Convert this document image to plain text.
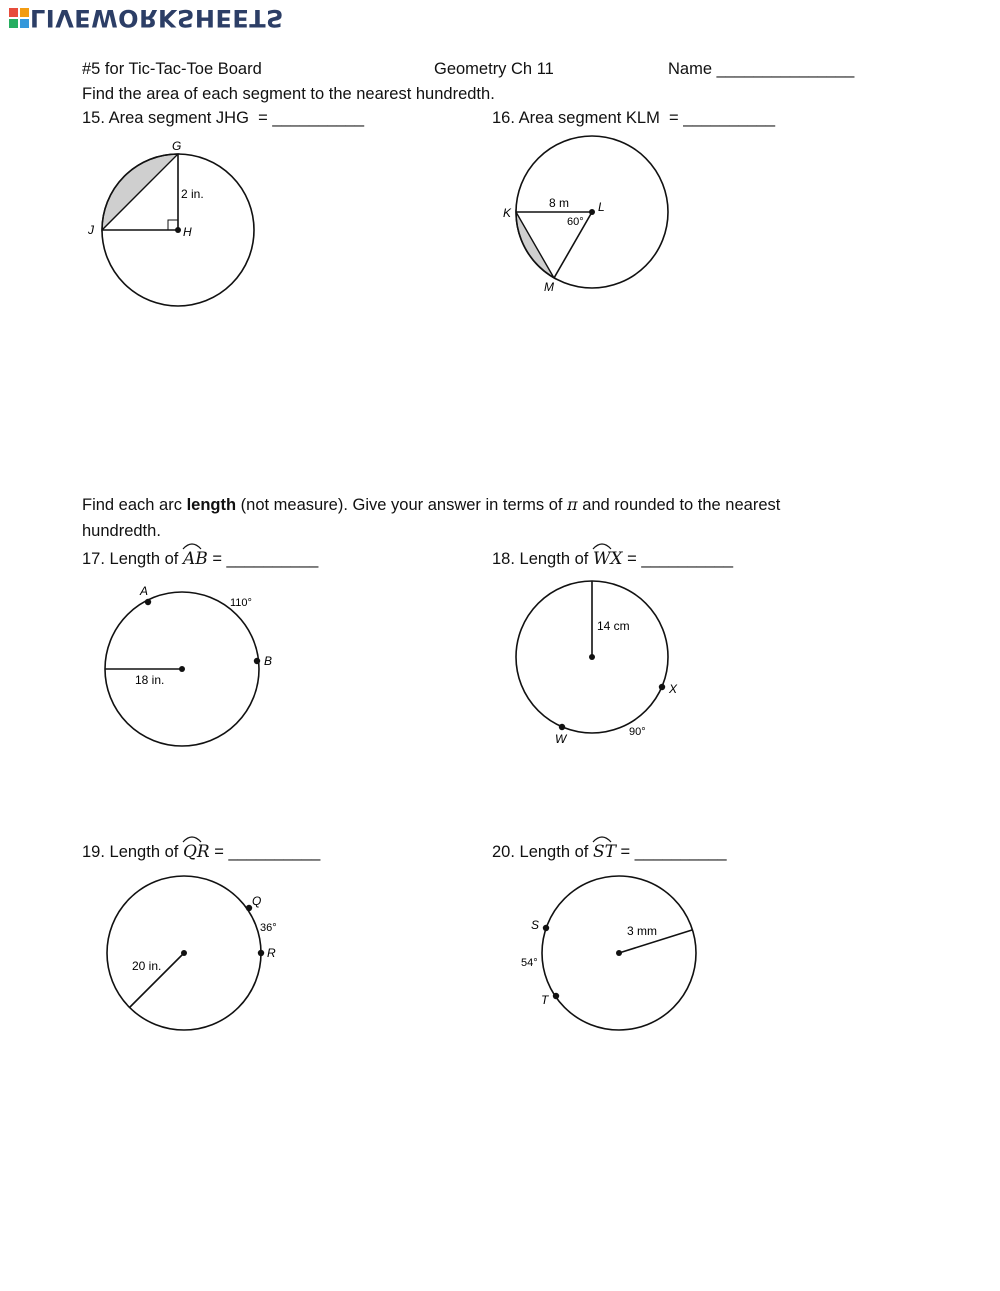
LIVEWORKSHEETS
#5 for Tic-Tac-Toe Board	Geometry Ch 11	Name _______________
Find the area of each segment to the nearest hundredth.
15. Area segment JHG = __________	16. Area segment KLM = __________
G
H
J
2 in.
K	L
M
8 m
60°
Find each arc length (not measure). Give your answer in terms of π and rounded to the nearest
hundredth.
17. Length of AB = __________	18. Length of WX = __________
A
B
110°
18 in.
W
X
90°
14 cm
19. Length of QR = __________	20. Length of ST = __________
Q
R
36°
20 in.
S
T
54°
3 mm
